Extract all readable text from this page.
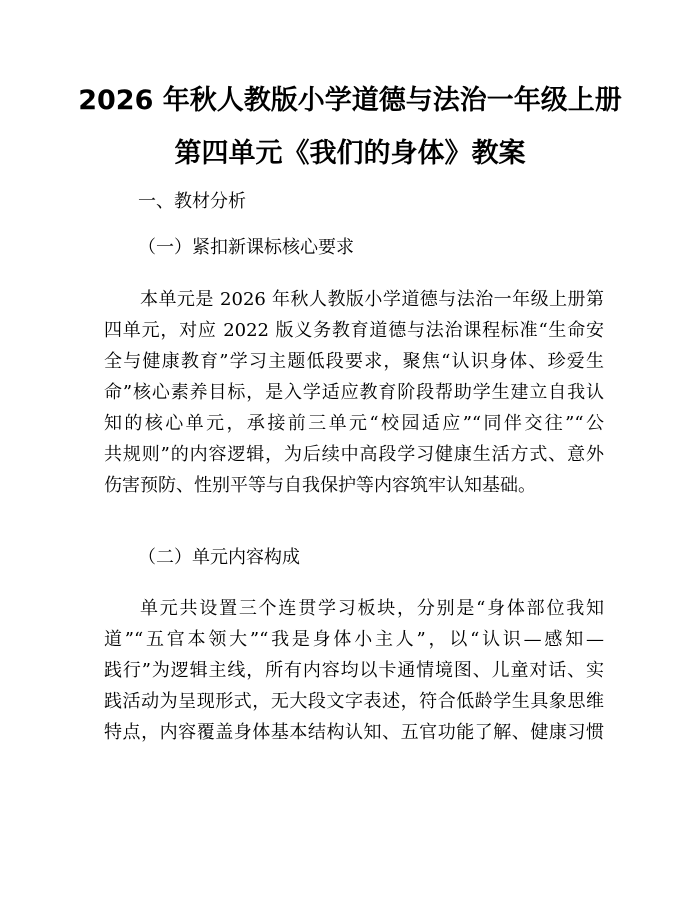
2026 年秋人教版小学道德与法治一年级上册
第四单元《我们的身体》教案
一、教材分析
（一）紧扣新课标核心要求
本单元是 2026 年秋人教版小学道德与法治一年级上册第
四单元，对应 2022 版义务教育道德与法治课程标准“生命安
全与健康教育”学习主题低段要求，聚焦“认识身体、珍爱生
命”核心素养目标，是入学适应教育阶段帮助学生建立自我认
知的核心单元，承接前三单元“校园适应”“同伴交往”“公
共规则”的内容逻辑，为后续中高段学习健康生活方式、意外
伤害预防、性别平等与自我保护等内容筑牢认知基础。
（二）单元内容构成
单元共设置三个连贯学习板块，分别是“身体部位我知
道”“五官本领大”“我是身体小主人”，以“认识—感知—
践行”为逻辑主线，所有内容均以卡通情境图、儿童对话、实
践活动为呈现形式，无大段文字表述，符合低龄学生具象思维
特点，内容覆盖身体基本结构认知、五官功能了解、健康习惯
